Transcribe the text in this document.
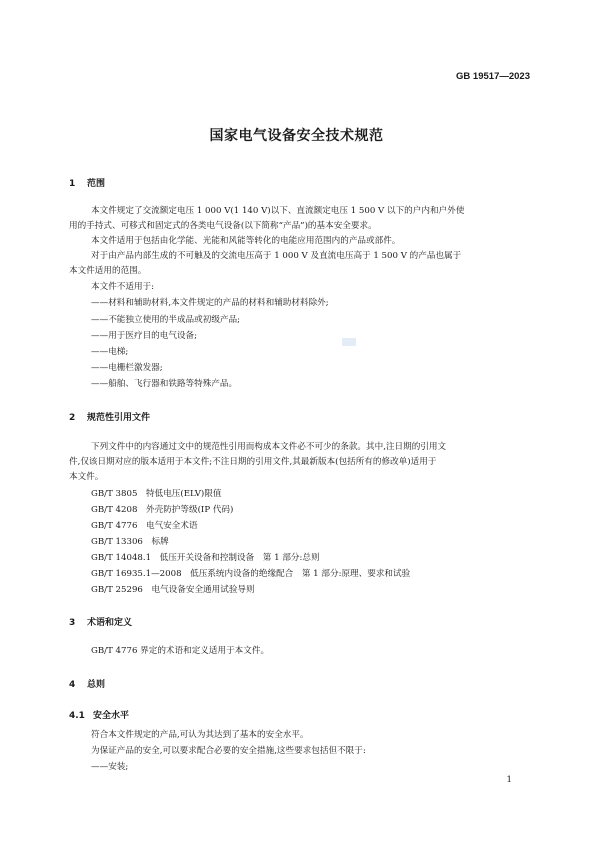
GB 19517—2023
国家电气设备安全技术规范
1 范围
本文件规定了交流额定电压 1 000 V(1 140 V)以下、直流额定电压 1 500 V 以下的户内和户外使
用的手持式、可移式和固定式的各类电气设备(以下简称“产品”)的基本安全要求。
本文件适用于包括由化学能、光能和风能等转化的电能应用范围内的产品或部件。
对于由产品内部生成的不可触及的交流电压高于 1 000 V 及直流电压高于 1 500 V 的产品也属于
本文件适用的范围。
本文件不适用于:
——材料和辅助材料,本文件规定的产品的材料和辅助材料除外;
——不能独立使用的半成品或初级产品;
——用于医疗目的电气设备;
——电梯;
——电栅栏激发器;
——船舶、飞行器和铁路等特殊产品。
2 规范性引用文件
下列文件中的内容通过文中的规范性引用而构成本文件必不可少的条款。其中,注日期的引用文
件,仅该日期对应的版本适用于本文件;不注日期的引用文件,其最新版本(包括所有的修改单)适用于
本文件。
GB/T 3805　特低电压(ELV)限值
GB/T 4208　外壳防护等级(IP 代码)
GB/T 4776　电气安全术语
GB/T 13306　标牌
GB/T 14048.1　低压开关设备和控制设备　第 1 部分:总则
GB/T 16935.1—2008　低压系统内设备的绝缘配合　第 1 部分:原理、要求和试验
GB/T 25296　电气设备安全通用试验导则
3 术语和定义
GB/T 4776 界定的术语和定义适用于本文件。
4 总则
4.1 安全水平
符合本文件规定的产品,可认为其达到了基本的安全水平。
为保证产品的安全,可以要求配合必要的安全措施,这些要求包括但不限于:
——安装;
1
